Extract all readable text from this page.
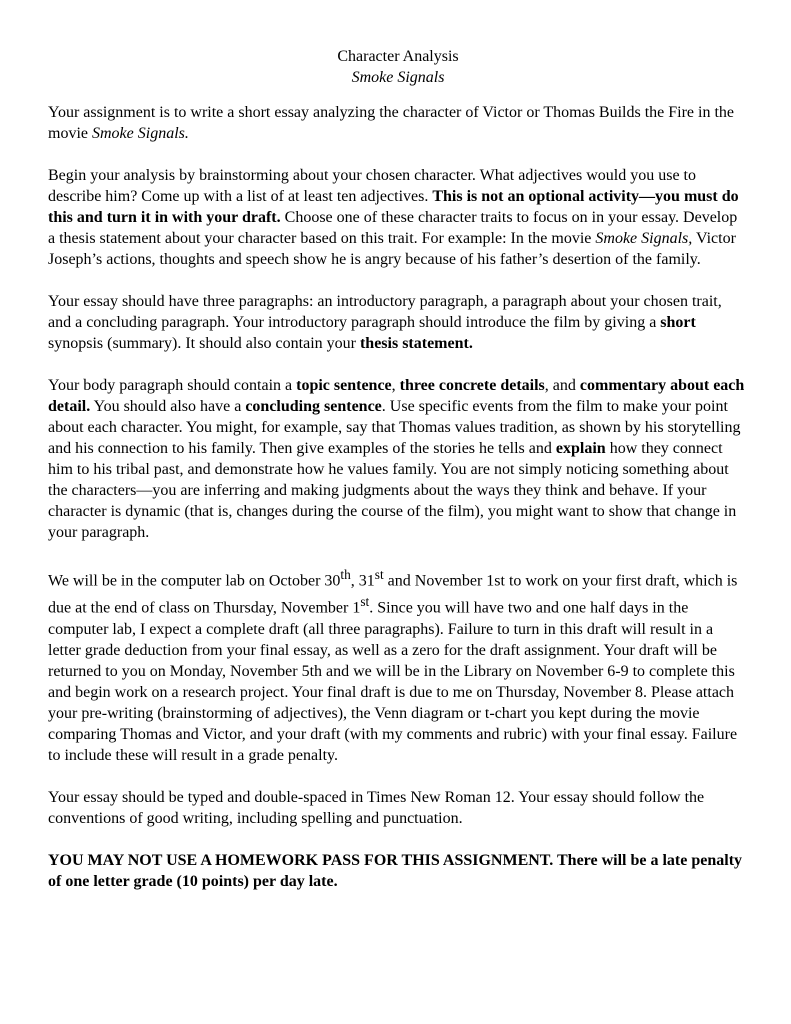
Character Analysis
Smoke Signals

Your assignment is to write a short essay analyzing the character of Victor or Thomas Builds the Fire in the movie Smoke Signals.

Begin your analysis by brainstorming about your chosen character. What adjectives would you use to describe him? Come up with a list of at least ten adjectives. This is not an optional activity—you must do this and turn it in with your draft. Choose one of these character traits to focus on in your essay. Develop a thesis statement about your character based on this trait. For example: In the movie Smoke Signals, Victor Joseph’s actions, thoughts and speech show he is angry because of his father’s desertion of the family.

Your essay should have three paragraphs: an introductory paragraph, a paragraph about your chosen trait, and a concluding paragraph. Your introductory paragraph should introduce the film by giving a short synopsis (summary). It should also contain your thesis statement.

Your body paragraph should contain a topic sentence, three concrete details, and commentary about each detail. You should also have a concluding sentence. Use specific events from the film to make your point about each character. You might, for example, say that Thomas values tradition, as shown by his storytelling and his connection to his family. Then give examples of the stories he tells and explain how they connect him to his tribal past, and demonstrate how he values family. You are not simply noticing something about the characters—you are inferring and making judgments about the ways they think and behave. If your character is dynamic (that is, changes during the course of the film), you might want to show that change in your paragraph.

We will be in the computer lab on October 30th, 31st and November 1st to work on your first draft, which is due at the end of class on Thursday, November 1st. Since you will have two and one half days in the computer lab, I expect a complete draft (all three paragraphs). Failure to turn in this draft will result in a letter grade deduction from your final essay, as well as a zero for the draft assignment. Your draft will be returned to you on Monday, November 5th and we will be in the Library on November 6-9 to complete this and begin work on a research project. Your final draft is due to me on Thursday, November 8. Please attach your pre-writing (brainstorming of adjectives), the Venn diagram or t-chart you kept during the movie comparing Thomas and Victor, and your draft (with my comments and rubric) with your final essay. Failure to include these will result in a grade penalty.

Your essay should be typed and double-spaced in Times New Roman 12. Your essay should follow the conventions of good writing, including spelling and punctuation.

YOU MAY NOT USE A HOMEWORK PASS FOR THIS ASSIGNMENT. There will be a late penalty of one letter grade (10 points) per day late.
